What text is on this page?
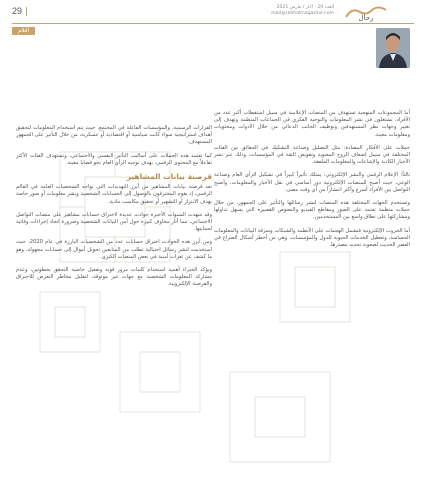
رحال
العدد 29 - آذار / مارس 2021
mail@rahhalmagazine.com
29
أقلام

أما المجموعات المنهجية تستهدف من المنصات الإعلامية في سبيل استقطاب أكبر عدد من الأفراد. يشتغلون في نشر المعلومات والتوجيه الفكري في الجماعات المنظمة وتهدف إلى تغيير وجهات نظر المستهدفين وتوظيف الجانب الدعائي من خلال الأدوات ومحتويات ومعلومات معينة.

حملات على الأفكار المضادة: مثل التضليل وصناعة التشكيك في الحقائق بين الفئات المختلفة في سبيل إضعاف الروح المعنوية وتقويض الثقة في المؤسسات، وذلك عبر نشر الأخبار الكاذبة والإشاعات والمعلومات الملفقة.

ثالثاً: الإعلام الرقمي والنشر الإلكتروني: يمتلك تأثيراً كبيراً في تشكيل الرأي العام وصناعة الوعي، حيث أصبح للمنصات الإلكترونية دور أساسي في نقل الأخبار والمعلومات، وأصبح التواصل بين الأفراد أسرع وأكثر انتشاراً من أي وقت مضى.

وتستخدم الجهات المختلفة هذه المنصات لنشر رسائلها والتأثير على الجمهور، من خلال حملات منظمة تعتمد على الصور ومقاطع الفيديو والنصوص القصيرة التي يسهل تداولها ومشاركتها على نطاق واسع بين المستخدمين.

أما الحروب الإلكترونية فتشمل الهجمات على الأنظمة والشبكات وسرقة البيانات والمعلومات الحساسة، وتعطيل الخدمات الحيوية للدول والمؤسسات، وهي من أخطر أشكال الصراع في العصر الحديث لصعوبة تحديد مصدرها.

القرارات الرسمية، والمؤسسات الفاعلة في المجتمع، حيث يتم استخدام المعلومات لتحقيق أهداف استراتيجية سواء كانت سياسية أو اقتصادية أو عسكرية، من خلال التأثير على الجمهور المستهدف.

كما تعتمد هذه الحملات على أساليب التأثير النفسي والاجتماعي، وتستهدف الفئات الأكثر تفاعلاً مع المحتوى الرقمي، بهدف توجيه الرأي العام نحو قضايا معينة.

قرصنة بيانات المشاهير

تعد قرصنة بيانات المشاهير من أبرز التهديدات التي تواجه الشخصيات العامة في العالم الرقمي، إذ يقوم المخترقون بالوصول إلى الحسابات الشخصية ونشر معلومات أو صور خاصة بهدف الابتزاز أو التشهير أو تحقيق مكاسب مادية.

وقد شهدت السنوات الأخيرة حوادث عديدة لاختراق حسابات مشاهير على منصات التواصل الاجتماعي، مما أثار مخاوف كبيرة حول أمن البيانات الشخصية وضرورة اتخاذ إجراءات وقائية لحمايتها.

ومن أبرز هذه الحوادث اختراق حسابات عدد من الشخصيات البارزة في عام 2020، حيث استخدمت لنشر رسائل احتيالية تطلب من المتابعين تحويل أموال إلى حسابات مجهولة، وهو ما كشف عن ثغرات أمنية في بعض المنصات الكبرى.

ويؤكد الخبراء أهمية استخدام كلمات مرور قوية وتفعيل خاصية التحقق بخطوتين، وعدم مشاركة المعلومات الشخصية مع جهات غير موثوقة، لتقليل مخاطر التعرض للاختراق والقرصنة الإلكترونية.
